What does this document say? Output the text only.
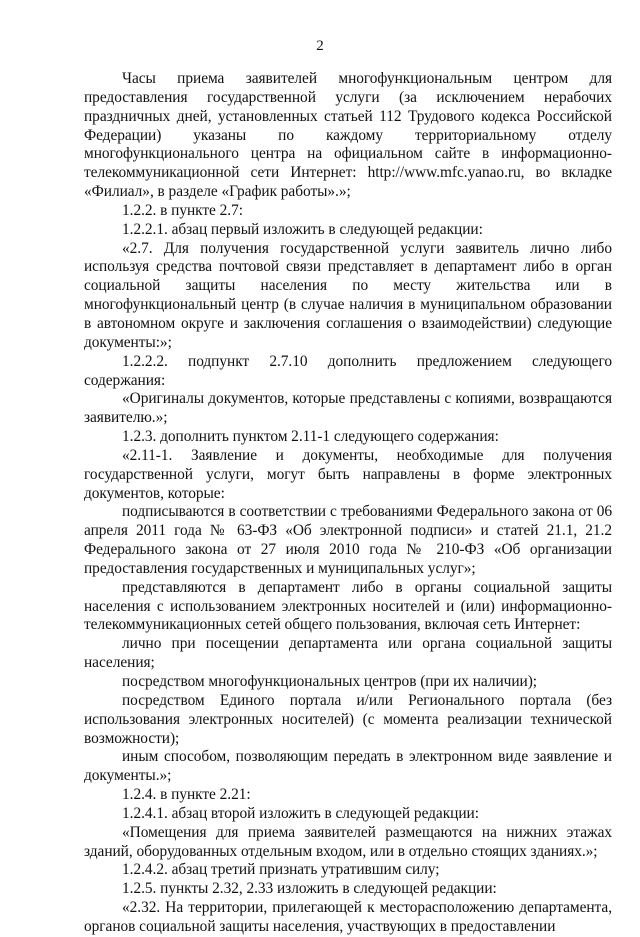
2

Часы приема заявителей многофункциональным центром для предоставления государственной услуги (за исключением нерабочих праздничных дней, установленных статьей 112 Трудового кодекса Российской Федерации) указаны по каждому территориальному отделу многофункционального центра на официальном сайте в информационно-телекоммуникационной сети Интернет: http://www.mfc.yanao.ru, во вкладке «Филиал», в разделе «График работы».»;

1.2.2. в пункте 2.7:

1.2.2.1. абзац первый изложить в следующей редакции:

«2.7. Для получения государственной услуги заявитель лично либо используя средства почтовой связи представляет в департамент либо в орган социальной защиты населения по месту жительства или в многофункциональный центр (в случае наличия в муниципальном образовании в автономном округе и заключения соглашения о взаимодействии) следующие документы:»;

1.2.2.2. подпункт 2.7.10 дополнить предложением следующего содержания:

«Оригиналы документов, которые представлены с копиями, возвращаются заявителю.»;

1.2.3. дополнить пунктом 2.11-1 следующего содержания:

«2.11-1. Заявление и документы, необходимые для получения государственной услуги, могут быть направлены в форме электронных документов, которые:

подписываются в соответствии с требованиями Федерального закона от 06 апреля 2011 года № 63-ФЗ «Об электронной подписи» и статей 21.1, 21.2 Федерального закона от 27 июля 2010 года № 210-ФЗ «Об организации предоставления государственных и муниципальных услуг»;

представляются в департамент либо в органы социальной защиты населения с использованием электронных носителей и (или) информационно-телекоммуникационных сетей общего пользования, включая сеть Интернет:

лично при посещении департамента или органа социальной защиты населения;

посредством многофункциональных центров (при их наличии);

посредством Единого портала и/или Регионального портала (без использования электронных носителей) (с момента реализации технической возможности);

иным способом, позволяющим передать в электронном виде заявление и документы.»;

1.2.4. в пункте 2.21:

1.2.4.1. абзац второй изложить в следующей редакции:

«Помещения для приема заявителей размещаются на нижних этажах зданий, оборудованных отдельным входом, или в отдельно стоящих зданиях.»;

1.2.4.2. абзац третий признать утратившим силу;

1.2.5. пункты 2.32, 2.33 изложить в следующей редакции:

«2.32. На территории, прилегающей к месторасположению департамента, органов социальной защиты населения, участвующих в предоставлении
